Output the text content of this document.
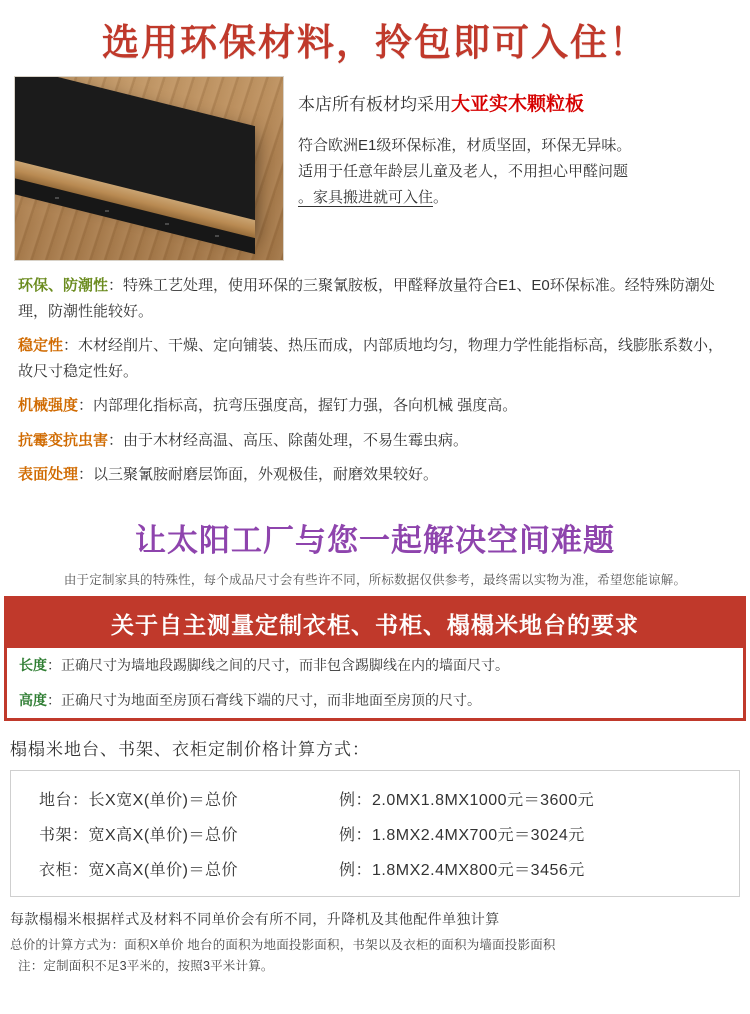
选用环保材料，拎包即可入住！
本店所有板材均采用大亚实木颗粒板
符合欧洲E1级环保标准，材质坚固，环保无异味。
适用于任意年龄层儿童及老人，不用担心甲醛问题
。家具搬进就可入住。
环保、防潮性：特殊工艺处理，使用环保的三聚氰胺板，甲醛释放量符合E1、E0环保标准。经特殊防潮处理，防潮性能较好。
稳定性：木材经削片、干燥、定向铺装、热压而成，内部质地均匀，物理力学性能指标高，线膨胀系数小，故尺寸稳定性好。
机械强度：内部理化指标高，抗弯压强度高，握钉力强，各向机械 强度高。
抗霉变抗虫害：由于木材经高温、高压、除菌处理，不易生霉虫病。
表面处理：以三聚氰胺耐磨层饰面，外观极佳，耐磨效果较好。
让太阳工厂与您一起解决空间难题
由于定制家具的特殊性，每个成品尺寸会有些许不同，所标数据仅供参考，最终需以实物为准，希望您能谅解。
关于自主测量定制衣柜、书柜、榻榻米地台的要求
长度：正确尺寸为墙地段踢脚线之间的尺寸，而非包含踢脚线在内的墙面尺寸。
高度：正确尺寸为地面至房顶石膏线下端的尺寸，而非地面至房顶的尺寸。
榻榻米地台、书架、衣柜定制价格计算方式：
地台：长X宽X(单价)＝总价	例：2.0MX1.8MX1000元＝3600元
书架：宽X高X(单价)＝总价	例：1.8MX2.4MX700元＝3024元
衣柜：宽X高X(单价)＝总价	例：1.8MX2.4MX800元＝3456元
每款榻榻米根据样式及材料不同单价会有所不同，升降机及其他配件单独计算
总价的计算方式为：面积X单价 地台的面积为地面投影面积，书架以及衣柜的面积为墙面投影面积
注：定制面积不足3平米的，按照3平米计算。
